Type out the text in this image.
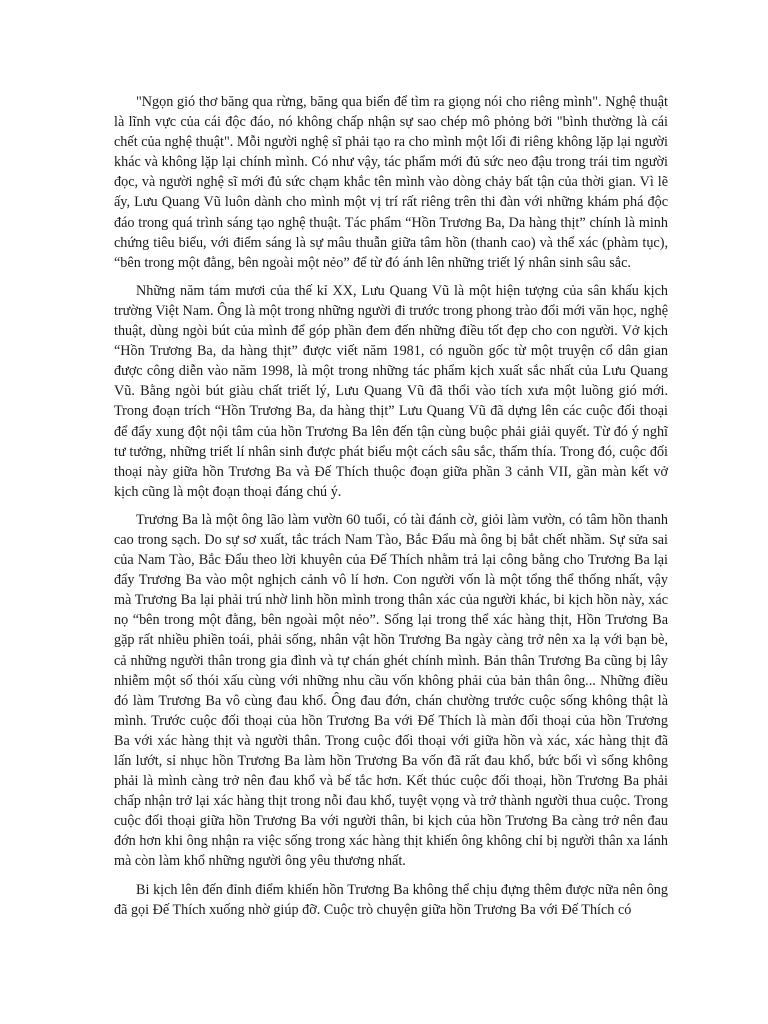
"Ngọn gió thơ băng qua rừng, băng qua biển để tìm ra giọng nói cho riêng mình". Nghệ thuật là lĩnh vực của cái độc đáo, nó không chấp nhận sự sao chép mô phỏng bởi "bình thường là cái chết của nghệ thuật". Mỗi người nghệ sĩ phải tạo ra cho mình một lối đi riêng không lặp lại người khác và không lặp lại chính mình. Có như vậy, tác phẩm mới đủ sức neo đậu trong trái tim người đọc, và người nghệ sĩ mới đủ sức chạm khắc tên mình vào dòng chảy bất tận của thời gian. Vì lẽ ấy, Lưu Quang Vũ luôn dành cho mình một vị trí rất riêng trên thi đàn với những khám phá độc đáo trong quá trình sáng tạo nghệ thuật. Tác phẩm “Hồn Trương Ba, Da hàng thịt” chính là minh chứng tiêu biểu, với điểm sáng là sự mâu thuẫn giữa tâm hồn (thanh cao) và thể xác (phàm tục), “bên trong một đằng, bên ngoài một nẻo” để từ đó ánh lên những triết lý nhân sinh sâu sắc.

Những năm tám mươi của thế kỉ XX, Lưu Quang Vũ là một hiện tượng của sân khấu kịch trường Việt Nam. Ông là một trong những người đi trước trong phong trào đổi mới văn học, nghệ thuật, dùng ngòi bút của mình để góp phần đem đến những điều tốt đẹp cho con người. Vở kịch “Hồn Trương Ba, da hàng thịt” được viết năm 1981, có nguồn gốc từ một truyện cổ dân gian được công diễn vào năm 1998, là một trong những tác phẩm kịch xuất sắc nhất của Lưu Quang Vũ. Bằng ngòi bút giàu chất triết lý, Lưu Quang Vũ đã thổi vào tích xưa một luồng gió mới. Trong đoạn trích “Hồn Trương Ba, da hàng thịt” Lưu Quang Vũ đã dựng lên các cuộc đối thoại để đẩy xung đột nội tâm của hồn Trương Ba lên đến tận cùng buộc phải giải quyết. Từ đó ý nghĩ tư tưởng, những triết lí nhân sinh được phát biểu một cách sâu sắc, thấm thía. Trong đó, cuộc đối thoại này giữa hồn Trương Ba và Đế Thích thuộc đoạn giữa phần 3 cảnh VII, gần màn kết vở kịch cũng là một đoạn thoại đáng chú ý.

Trương Ba là một ông lão làm vườn 60 tuổi, có tài đánh cờ, giỏi làm vườn, có tâm hồn thanh cao trong sạch. Do sự sơ xuất, tắc trách Nam Tào, Bắc Đẩu mà ông bị bắt chết nhầm. Sự sửa sai của Nam Tào, Bắc Đẩu theo lời khuyên của Đế Thích nhằm trả lại công bằng cho Trương Ba lại đẩy Trương Ba vào một nghịch cảnh vô lí hơn. Con người vốn là một tổng thể thống nhất, vậy mà Trương Ba lại phải trú nhờ linh hồn mình trong thân xác của người khác, bi kịch hồn này, xác nọ “bên trong một đằng, bên ngoài một nẻo”. Sống lại trong thể xác hàng thịt, Hồn Trương Ba gặp rất nhiều phiền toái, phải sống, nhân vật hồn Trương Ba ngày càng trở nên xa lạ với bạn bè, cả những người thân trong gia đình và tự chán ghét chính mình. Bản thân Trương Ba cũng bị lây nhiễm một số thói xấu cùng với những nhu cầu vốn không phải của bản thân ông... Những điều đó làm Trương Ba vô cùng đau khổ. Ông đau đớn, chán chường trước cuộc sống không thật là mình. Trước cuộc đối thoại của hồn Trương Ba với Đế Thích là màn đối thoại của hồn Trương Ba với xác hàng thịt và người thân. Trong cuộc đối thoại với giữa hồn và xác, xác hàng thịt đã lấn lướt, sỉ nhục hồn Trương Ba làm hồn Trương Ba vốn đã rất đau khổ, bức bối vì sống không phải là mình càng trở nên đau khổ và bế tắc hơn. Kết thúc cuộc đối thoại, hồn Trương Ba phải chấp nhận trở lại xác hàng thịt trong nỗi đau khổ, tuyệt vọng và trở thành người thua cuộc. Trong cuộc đối thoại giữa hồn Trương Ba với người thân, bi kịch của hồn Trương Ba càng trở nên đau đớn hơn khi ông nhận ra việc sống trong xác hàng thịt khiến ông không chỉ bị người thân xa lánh mà còn làm khổ những người ông yêu thương nhất.

Bi kịch lên đến đỉnh điểm khiến hồn Trương Ba không thể chịu đựng thêm được nữa nên ông đã gọi Đế Thích xuống nhờ giúp đỡ. Cuộc trò chuyện giữa hồn Trương Ba với Đế Thích có
